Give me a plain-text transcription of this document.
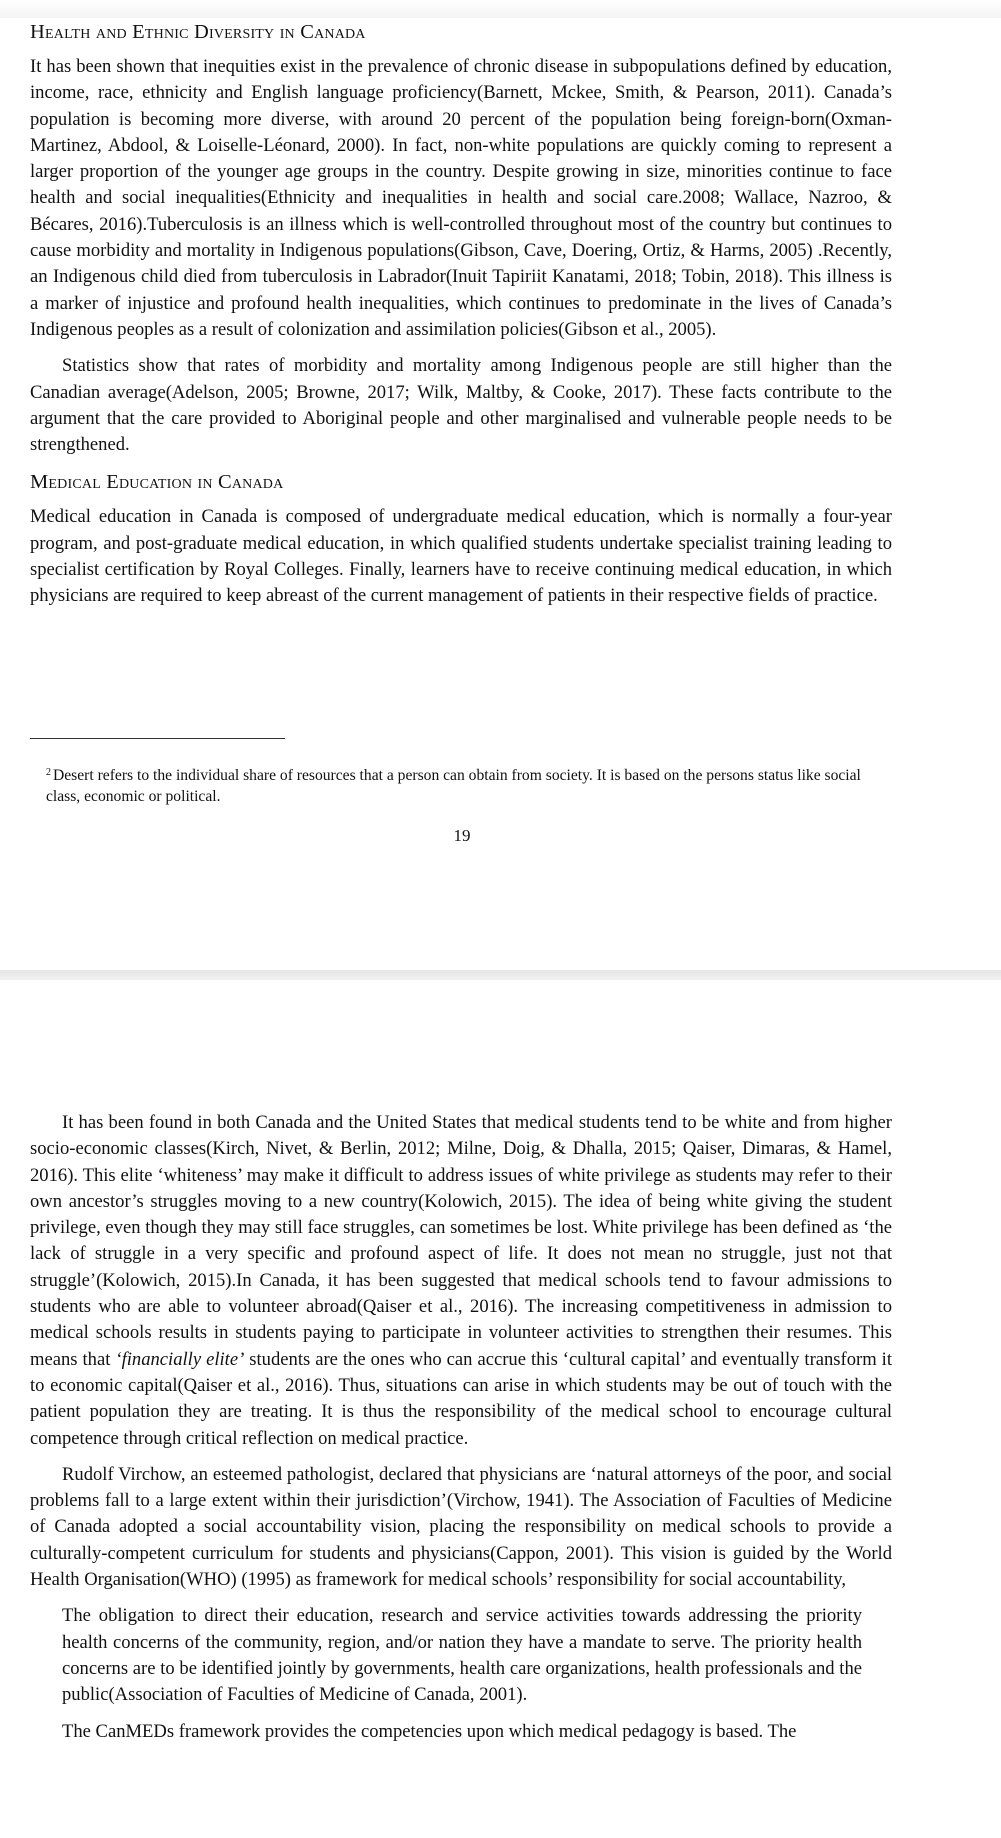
Health and Ethnic Diversity in Canada

It has been shown that inequities exist in the prevalence of chronic disease in subpopulations defined by education, income, race, ethnicity and English language proficiency(Barnett, Mckee, Smith, & Pearson, 2011). Canada’s population is becoming more diverse, with around 20 percent of the population being foreign-born(Oxman-Martinez, Abdool, & Loiselle-Léonard, 2000). In fact, non-white populations are quickly coming to represent a larger proportion of the younger age groups in the country. Despite growing in size, minorities continue to face health and social inequalities(Ethnicity and inequalities in health and social care.2008; Wallace, Nazroo, & Bécares, 2016).Tuberculosis is an illness which is well-controlled throughout most of the country but continues to cause morbidity and mortality in Indigenous populations(Gibson, Cave, Doering, Ortiz, & Harms, 2005) .Recently, an Indigenous child died from tuberculosis in Labrador(Inuit Tapiriit Kanatami, 2018; Tobin, 2018). This illness is a marker of injustice and profound health inequalities, which continues to predominate in the lives of Canada’s Indigenous peoples as a result of colonization and assimilation policies(Gibson et al., 2005).

Statistics show that rates of morbidity and mortality among Indigenous people are still higher than the Canadian average(Adelson, 2005; Browne, 2017; Wilk, Maltby, & Cooke, 2017). These facts contribute to the argument that the care provided to Aboriginal people and other marginalised and vulnerable people needs to be strengthened.

Medical Education in Canada

Medical education in Canada is composed of undergraduate medical education, which is normally a four-year program, and post-graduate medical education, in which qualified students undertake specialist training leading to specialist certification by Royal Colleges. Finally, learners have to receive continuing medical education, in which physicians are required to keep abreast of the current management of patients in their respective fields of practice.

$^2$ Desert refers to the individual share of resources that a person can obtain from society. It is based on the persons status like social class, economic or political.
19

It has been found in both Canada and the United States that medical students tend to be white and from higher socio-economic classes(Kirch, Nivet, & Berlin, 2012; Milne, Doig, & Dhalla, 2015; Qaiser, Dimaras, & Hamel, 2016). This elite ‘whiteness’ may make it difficult to address issues of white privilege as students may refer to their own ancestor’s struggles moving to a new country(Kolowich, 2015). The idea of being white giving the student privilege, even though they may still face struggles, can sometimes be lost. White privilege has been defined as ‘the lack of struggle in a very specific and profound aspect of life. It does not mean no struggle, just not that struggle’(Kolowich, 2015).In Canada, it has been suggested that medical schools tend to favour admissions to students who are able to volunteer abroad(Qaiser et al., 2016). The increasing competitiveness in admission to medical schools results in students paying to participate in volunteer activities to strengthen their resumes. This means that ‘financially elite’ students are the ones who can accrue this ‘cultural capital’ and eventually transform it to economic capital(Qaiser et al., 2016). Thus, situations can arise in which students may be out of touch with the patient population they are treating. It is thus the responsibility of the medical school to encourage cultural competence through critical reflection on medical practice.

Rudolf Virchow, an esteemed pathologist, declared that physicians are ‘natural attorneys of the poor, and social problems fall to a large extent within their jurisdiction’(Virchow, 1941). The Association of Faculties of Medicine of Canada adopted a social accountability vision, placing the responsibility on medical schools to provide a culturally-competent curriculum for students and physicians(Cappon, 2001). This vision is guided by the World Health Organisation(WHO) (1995) as framework for medical schools’ responsibility for social accountability,

The obligation to direct their education, research and service activities towards addressing the priority health concerns of the community, region, and/or nation they have a mandate to serve. The priority health concerns are to be identified jointly by governments, health care organizations, health professionals and the public(Association of Faculties of Medicine of Canada, 2001).

The CanMEDs framework provides the competencies upon which medical pedagogy is based. The
